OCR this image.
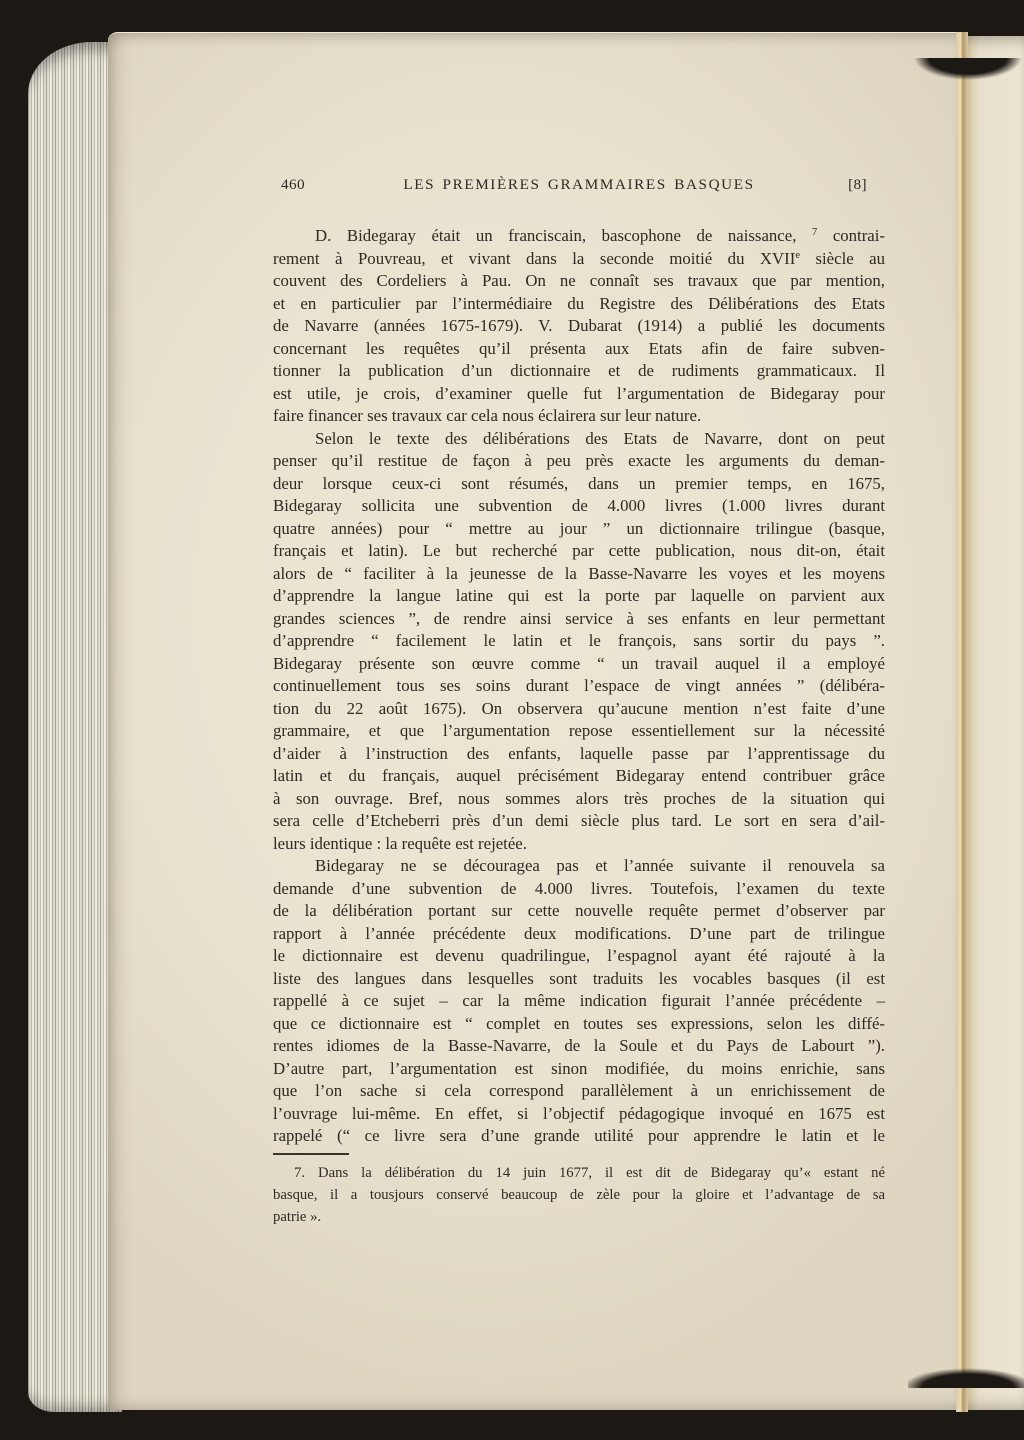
460	LES PREMIÈRES GRAMMAIRES BASQUES	[8]
D. Bidegaray était un franciscain, bascophone de naissance, $^7$ contrai-
rement à Pouvreau, et vivant dans la seconde moitié du XVIIe siècle au
couvent des Cordeliers à Pau. On ne connaît ses travaux que par mention,
et en particulier par l’intermédiaire du Registre des Délibérations des Etats
de Navarre (années 1675-1679). V. Dubarat (1914) a publié les documents
concernant les requêtes qu’il présenta aux Etats afin de faire subven-
tionner la publication d’un dictionnaire et de rudiments grammaticaux. Il
est utile, je crois, d’examiner quelle fut l’argumentation de Bidegaray pour
faire financer ses travaux car cela nous éclairera sur leur nature.
Selon le texte des délibérations des Etats de Navarre, dont on peut
penser qu’il restitue de façon à peu près exacte les arguments du deman-
deur lorsque ceux-ci sont résumés, dans un premier temps, en 1675,
Bidegaray sollicita une subvention de 4.000 livres (1.000 livres durant
quatre années) pour “ mettre au jour ” un dictionnaire trilingue (basque,
français et latin). Le but recherché par cette publication, nous dit-on, était
alors de “ faciliter à la jeunesse de la Basse-Navarre les voyes et les moyens
d’apprendre la langue latine qui est la porte par laquelle on parvient aux
grandes sciences ”, de rendre ainsi service à ses enfants en leur permettant
d’apprendre “ facilement le latin et le françois, sans sortir du pays ”.
Bidegaray présente son œuvre comme “ un travail auquel il a employé
continuellement tous ses soins durant l’espace de vingt années ” (délibéra-
tion du 22 août 1675). On observera qu’aucune mention n’est faite d’une
grammaire, et que l’argumentation repose essentiellement sur la nécessité
d’aider à l’instruction des enfants, laquelle passe par l’apprentissage du
latin et du français, auquel précisément Bidegaray entend contribuer grâce
à son ouvrage. Bref, nous sommes alors très proches de la situation qui
sera celle d’Etcheberri près d’un demi siècle plus tard. Le sort en sera d’ail-
leurs identique : la requête est rejetée.
Bidegaray ne se découragea pas et l’année suivante il renouvela sa
demande d’une subvention de 4.000 livres. Toutefois, l’examen du texte
de la délibération portant sur cette nouvelle requête permet d’observer par
rapport à l’année précédente deux modifications. D’une part de trilingue
le dictionnaire est devenu quadrilingue, l’espagnol ayant été rajouté à la
liste des langues dans lesquelles sont traduits les vocables basques (il est
rappellé à ce sujet – car la même indication figurait l’année précédente –
que ce dictionnaire est “ complet en toutes ses expressions, selon les diffé-
rentes idiomes de la Basse-Navarre, de la Soule et du Pays de Labourt ”).
D’autre part, l’argumentation est sinon modifiée, du moins enrichie, sans
que l’on sache si cela correspond parallèlement à un enrichissement de
l’ouvrage lui-même. En effet, si l’objectif pédagogique invoqué en 1675 est
rappelé (“ ce livre sera d’une grande utilité pour apprendre le latin et le
7. Dans la délibération du 14 juin 1677, il est dit de Bidegaray qu’« estant né
basque, il a tousjours conservé beaucoup de zèle pour la gloire et l’advantage de sa
patrie ».
